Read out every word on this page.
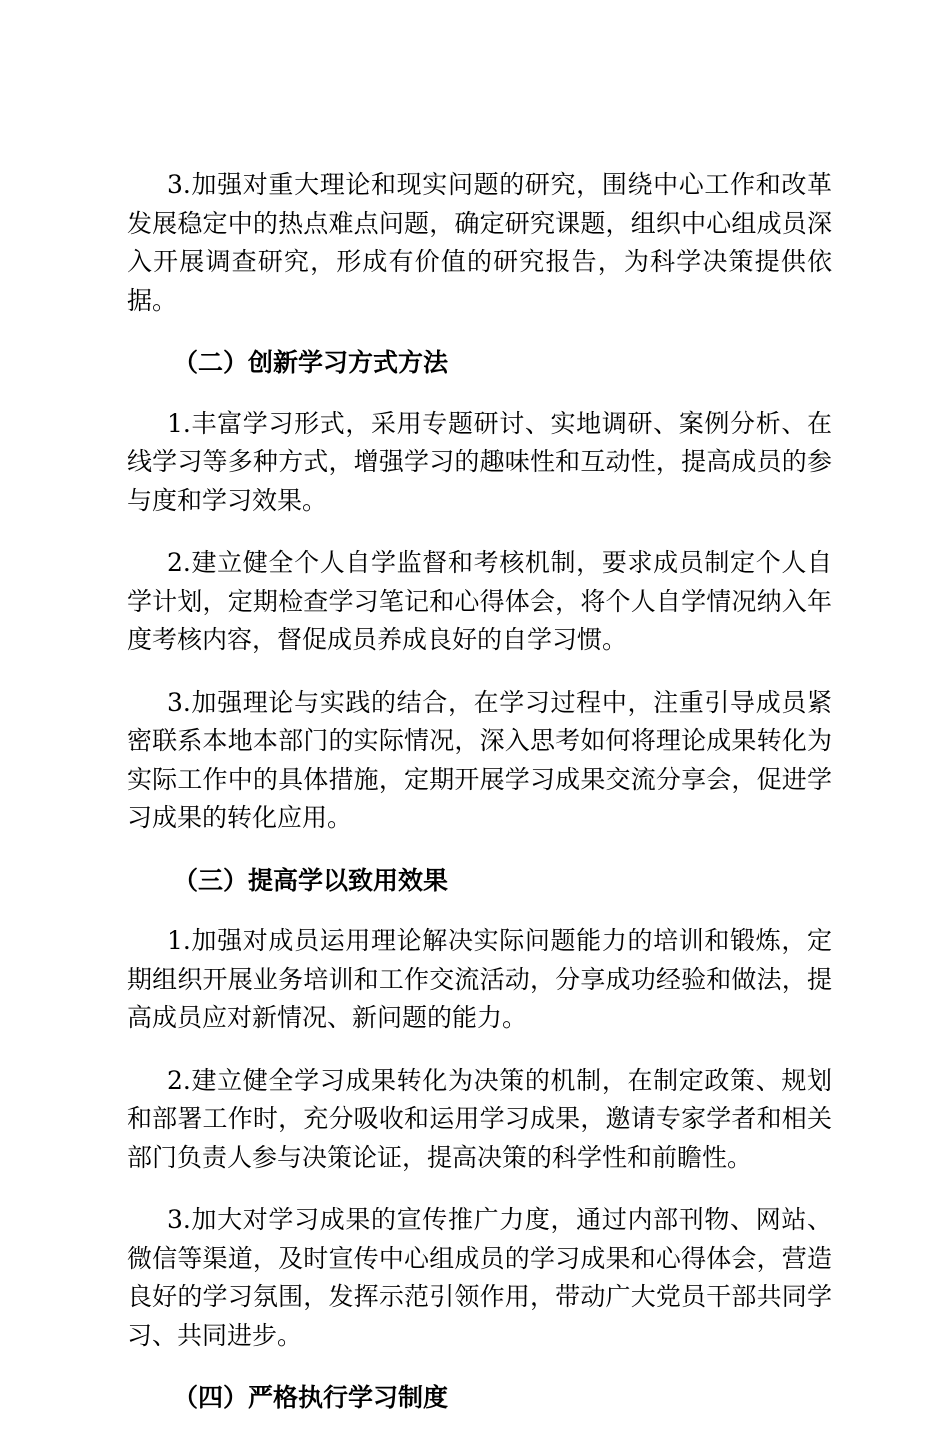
3.加强对重大理论和现实问题的研究，围绕中心工作和改革发展稳定中的热点难点问题，确定研究课题，组织中心组成员深入开展调查研究，形成有价值的研究报告，为科学决策提供依据。

（二）创新学习方式方法

1.丰富学习形式，采用专题研讨、实地调研、案例分析、在线学习等多种方式，增强学习的趣味性和互动性，提高成员的参与度和学习效果。

2.建立健全个人自学监督和考核机制，要求成员制定个人自学计划，定期检查学习笔记和心得体会，将个人自学情况纳入年度考核内容，督促成员养成良好的自学习惯。

3.加强理论与实践的结合，在学习过程中，注重引导成员紧密联系本地本部门的实际情况，深入思考如何将理论成果转化为实际工作中的具体措施，定期开展学习成果交流分享会，促进学习成果的转化应用。

（三）提高学以致用效果

1.加强对成员运用理论解决实际问题能力的培训和锻炼，定期组织开展业务培训和工作交流活动，分享成功经验和做法，提高成员应对新情况、新问题的能力。

2.建立健全学习成果转化为决策的机制，在制定政策、规划和部署工作时，充分吸收和运用学习成果，邀请专家学者和相关部门负责人参与决策论证，提高决策的科学性和前瞻性。

3.加大对学习成果的宣传推广力度，通过内部刊物、网站、微信等渠道，及时宣传中心组成员的学习成果和心得体会，营造良好的学习氛围，发挥示范引领作用，带动广大党员干部共同学习、共同进步。

（四）严格执行学习制度
